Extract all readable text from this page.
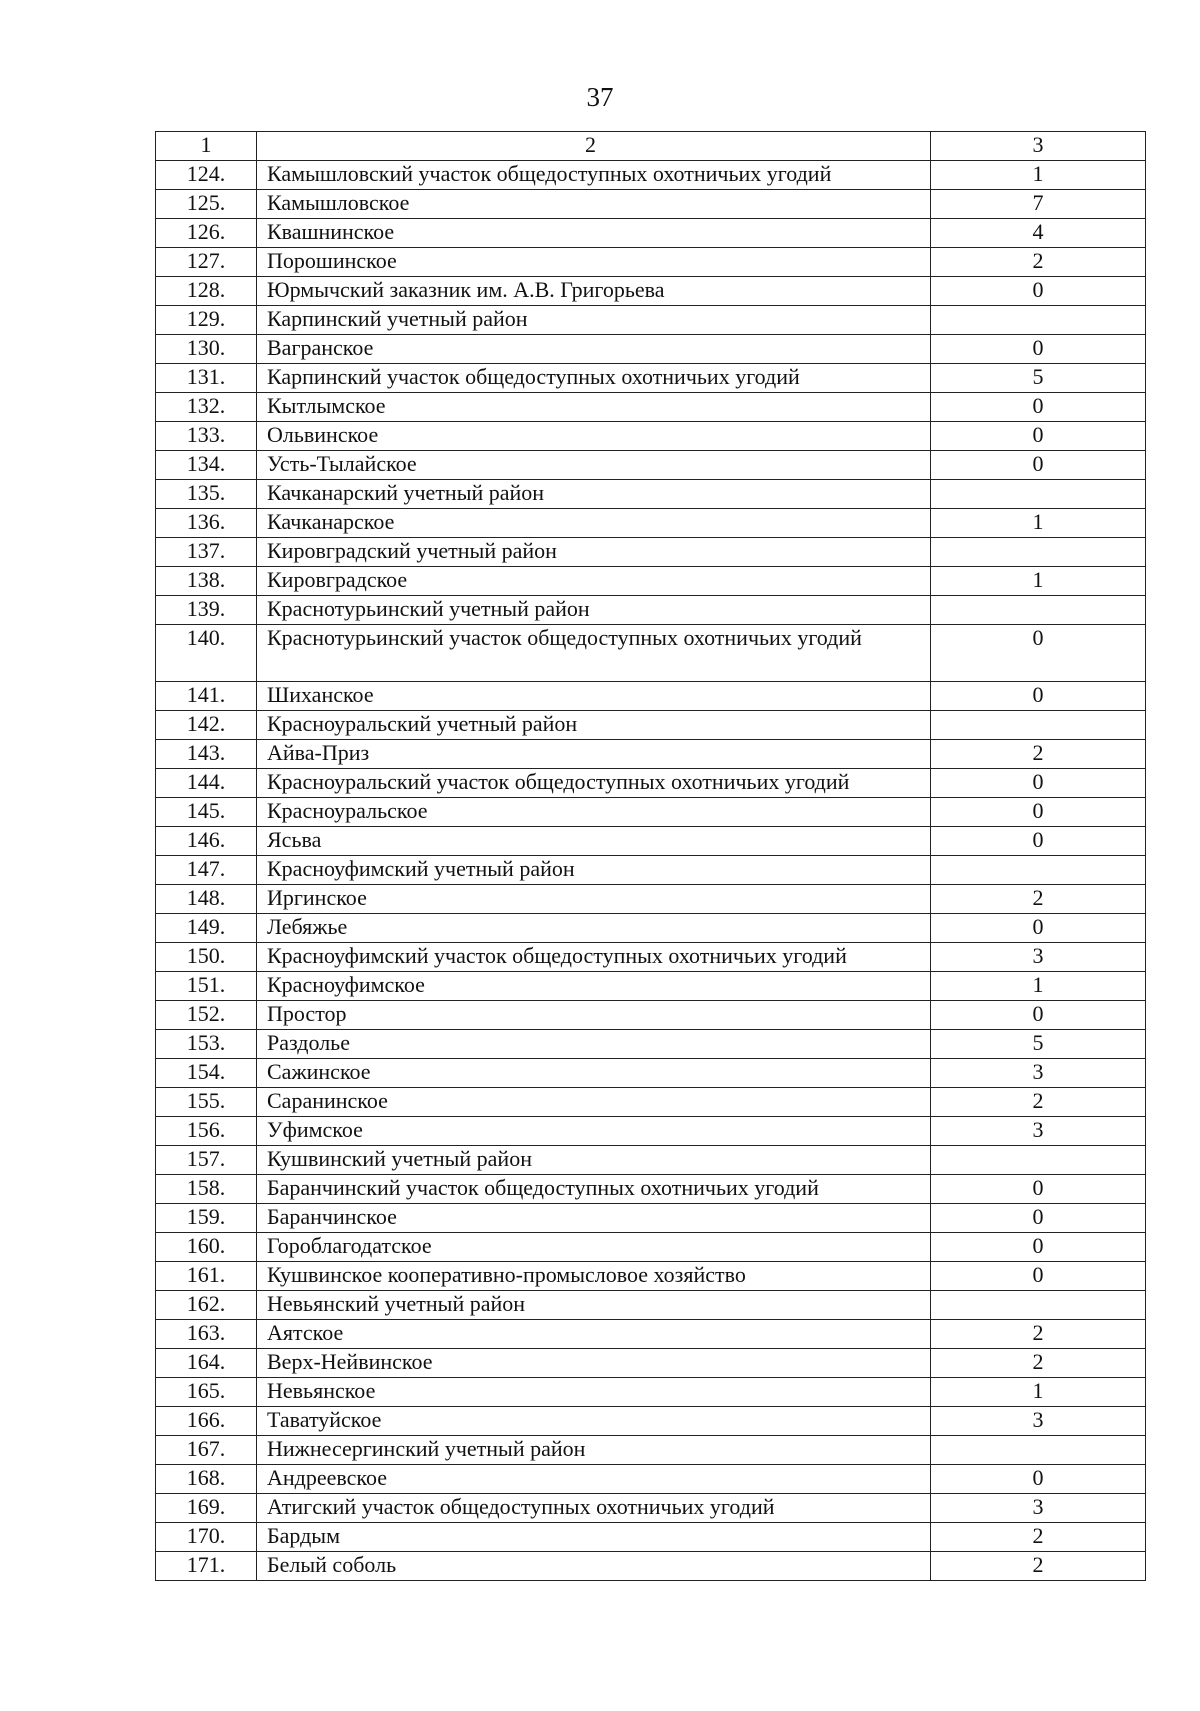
37
1	2	3
124.	Камышловский участок общедоступных охотничьих угодий	1
125.	Камышловское	7
126.	Квашнинское	4
127.	Порошинское	2
128.	Юрмычский заказник им. А.В. Григорьева	0
129.	Карпинский учетный район	
130.	Вагранское	0
131.	Карпинский участок общедоступных охотничьих угодий	5
132.	Кытлымское	0
133.	Ольвинское	0
134.	Усть-Тылайское	0
135.	Качканарский учетный район	
136.	Качканарское	1
137.	Кировградский учетный район	
138.	Кировградское	1
139.	Краснотурьинский учетный район	
140.	Краснотурьинский участок общедоступных охотничьих угодий	0
141.	Шиханское	0
142.	Красноуральский учетный район	
143.	Айва-Приз	2
144.	Красноуральский участок общедоступных охотничьих угодий	0
145.	Красноуральское	0
146.	Ясьва	0
147.	Красноуфимский учетный район	
148.	Иргинское	2
149.	Лебяжье	0
150.	Красноуфимский участок общедоступных охотничьих угодий	3
151.	Красноуфимское	1
152.	Простор	0
153.	Раздолье	5
154.	Сажинское	3
155.	Саранинское	2
156.	Уфимское	3
157.	Кушвинский учетный район	
158.	Баранчинский участок общедоступных охотничьих угодий	0
159.	Баранчинское	0
160.	Гороблагодатское	0
161.	Кушвинское кооперативно-промысловое хозяйство	0
162.	Невьянский учетный район	
163.	Аятское	2
164.	Верх-Нейвинское	2
165.	Невьянское	1
166.	Таватуйское	3
167.	Нижнесергинский учетный район	
168.	Андреевское	0
169.	Атигский участок общедоступных охотничьих угодий	3
170.	Бардым	2
171.	Белый соболь	2
